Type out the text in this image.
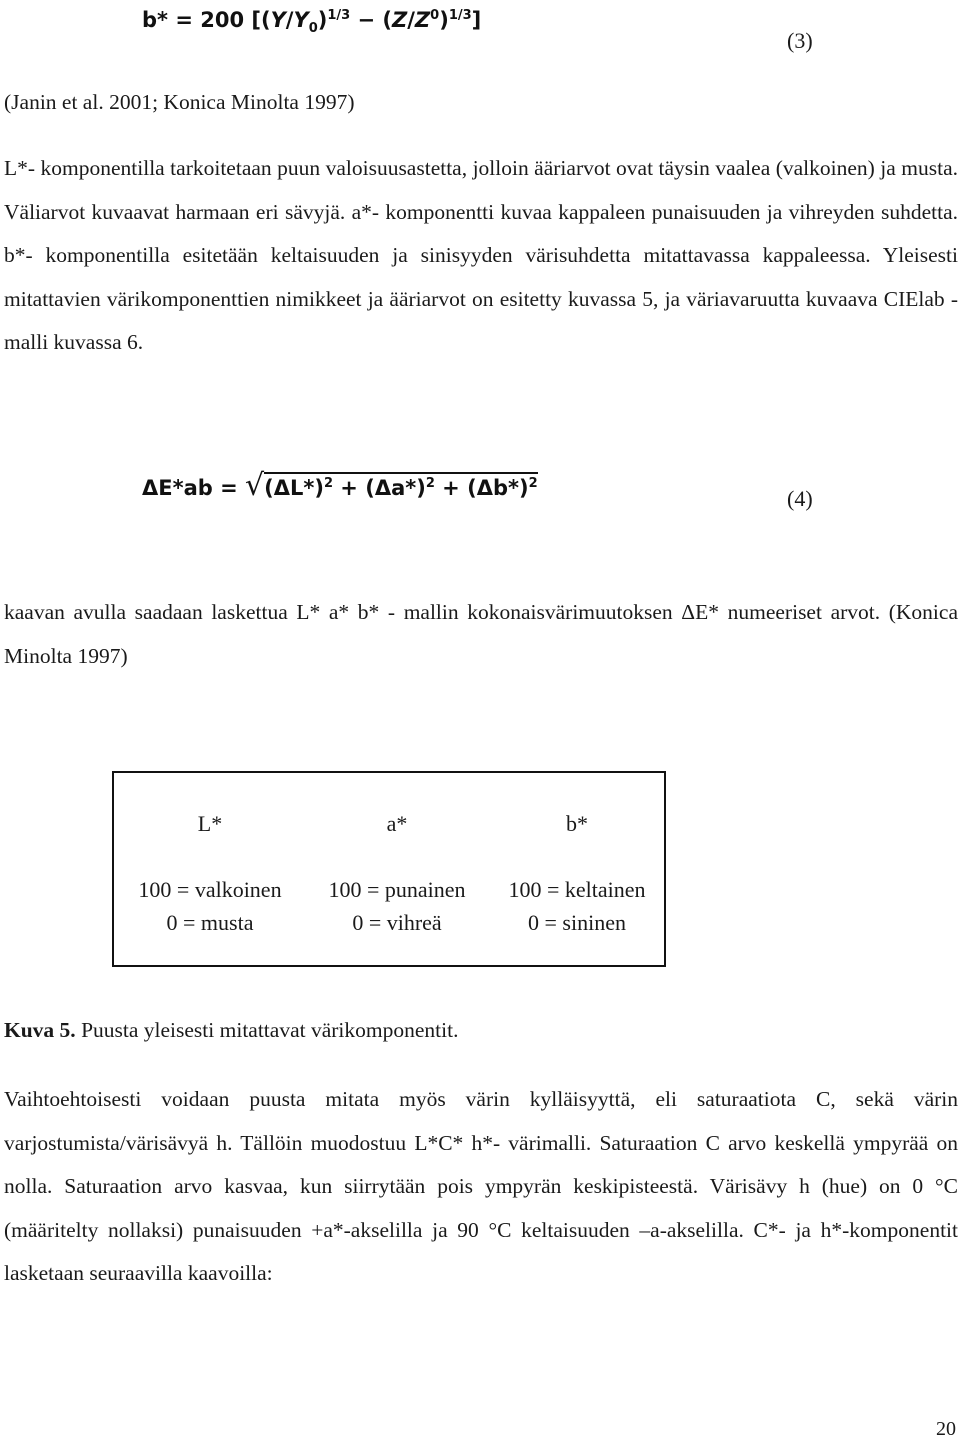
b* = 200 $[(Y/Y_0)^{1/3} - (Z/Z^0)^{1/3}]$
(3)
(Janin et al. 2001; Konica Minolta 1997)

L*- komponentilla tarkoitetaan puun valoisuusastetta, jolloin ääriarvot ovat täysin vaalea (valkoinen) ja musta. Väliarvot kuvaavat harmaan eri sävyjä. a*- komponentti kuvaa kappaleen punaisuuden ja vihreyden suhdetta. b*- komponentilla esitetään keltaisuuden ja sinisyyden värisuhdetta mitattavassa kappaleessa. Yleisesti mitattavien värikomponenttien nimikkeet ja ääriarvot on esitetty kuvassa 5, ja väriavaruutta kuvaava CIElab - malli kuvassa 6.

$\Delta E*ab = √(\Delta L*)^2 + (\Delta a*)^2 + (\Delta b*)^2$
(4)

kaavan avulla saadaan laskettua L* a* b* - mallin kokonaisvärimuutoksen ΔE* numeeriset arvot. (Konica Minolta 1997)

L*
100 = valkoinen
0 = musta
a*
100 = punainen
0 = vihreä
b*
100 = keltainen
0 = sininen
Kuva 5. Puusta yleisesti mitattavat värikomponentit.

Vaihtoehtoisesti voidaan puusta mitata myös värin kylläisyyttä, eli saturaatiota C, sekä värin varjostumista/värisävyä h. Tällöin muodostuu L*C* h*- värimalli. Saturaation C arvo keskellä ympyrää on nolla. Saturaation arvo kasvaa, kun siirrytään pois ympyrän keskipisteestä. Värisävy h (hue) on 0 °C (määritelty nollaksi) punaisuuden +a*-akselilla ja 90 °C keltaisuuden –a-akselilla. C*- ja h*-komponentit lasketaan seuraavilla kaavoilla:

20
